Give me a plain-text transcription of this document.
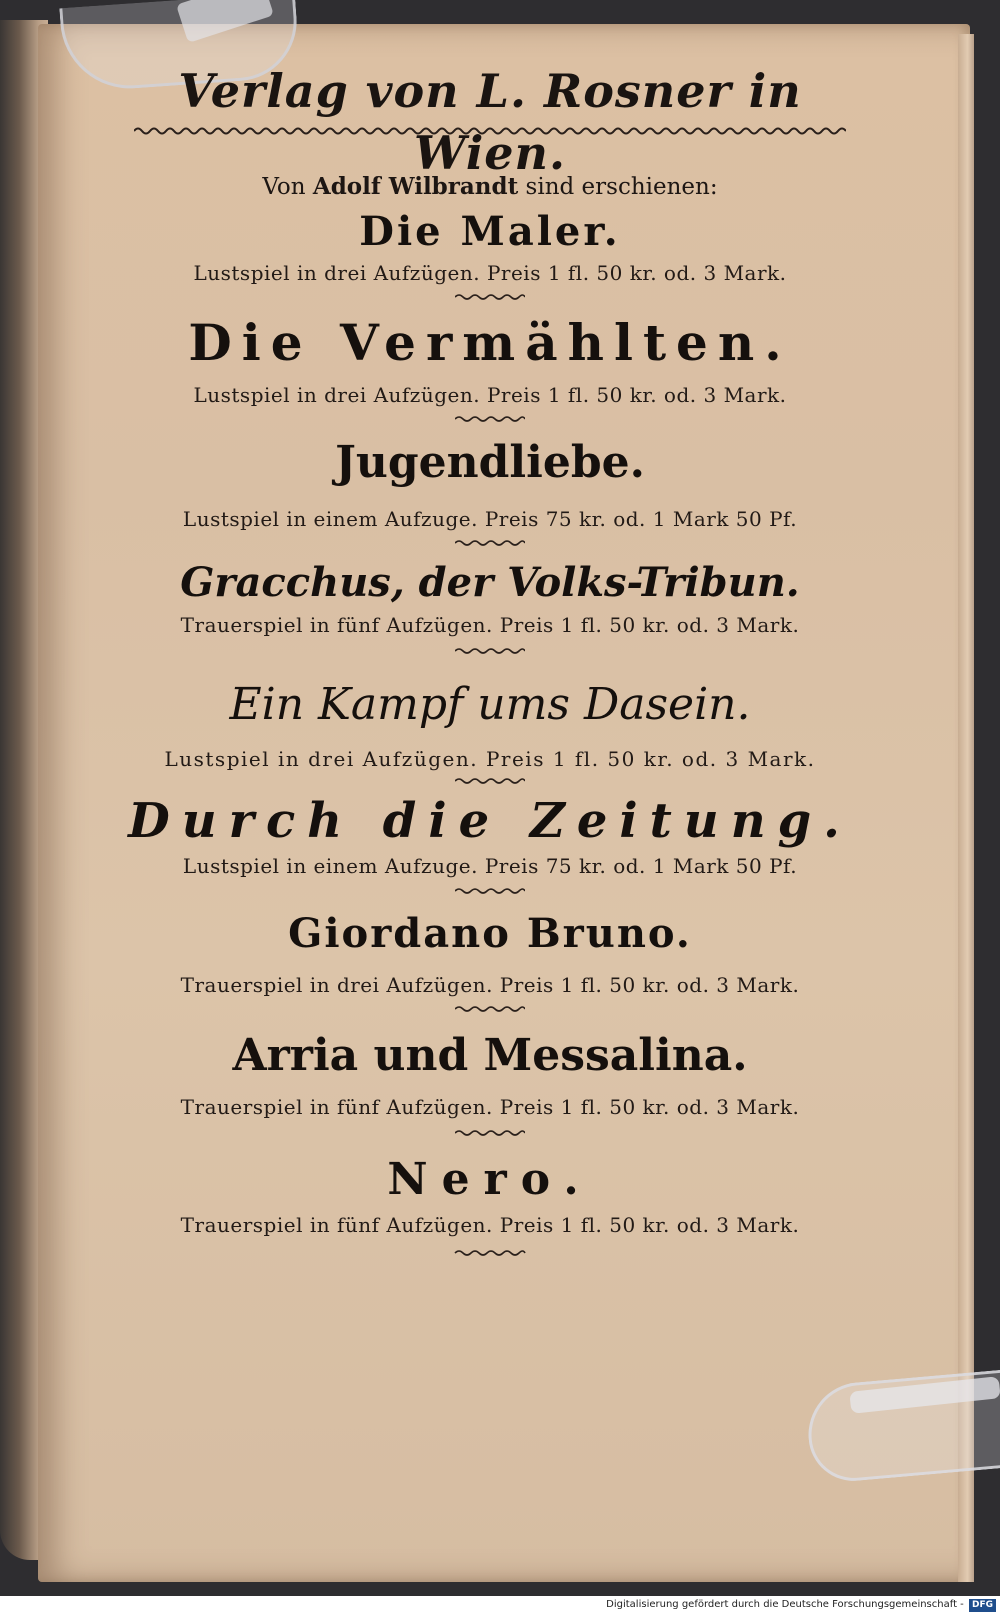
Verlag von L. Rosner in Wien.
Von Adolf Wilbrandt sind erschienen:
Die Maler.

Lustspiel in drei Aufzügen. Preis 1 fl. 50 kr. od. 3 Mark.

Die Vermählten.

Lustspiel in drei Aufzügen. Preis 1 fl. 50 kr. od. 3 Mark.

Jugendliebe.

Lustspiel in einem Aufzuge. Preis 75 kr. od. 1 Mark 50 Pf.

Gracchus, der Volks-Tribun.

Trauerspiel in fünf Aufzügen. Preis 1 fl. 50 kr. od. 3 Mark.

Ein Kampf ums Dasein.

Lustspiel in drei Aufzügen. Preis 1 fl. 50 kr. od. 3 Mark.

Durch die Zeitung.

Lustspiel in einem Aufzuge. Preis 75 kr. od. 1 Mark 50 Pf.

Giordano Bruno.

Trauerspiel in drei Aufzügen. Preis 1 fl. 50 kr. od. 3 Mark.

Arria und Messalina.

Trauerspiel in fünf Aufzügen. Preis 1 fl. 50 kr. od. 3 Mark.

Nero.

Trauerspiel in fünf Aufzügen. Preis 1 fl. 50 kr. od. 3 Mark.

Digitalisierung gefördert durch die Deutsche Forschungsgemeinschaft - DFG
